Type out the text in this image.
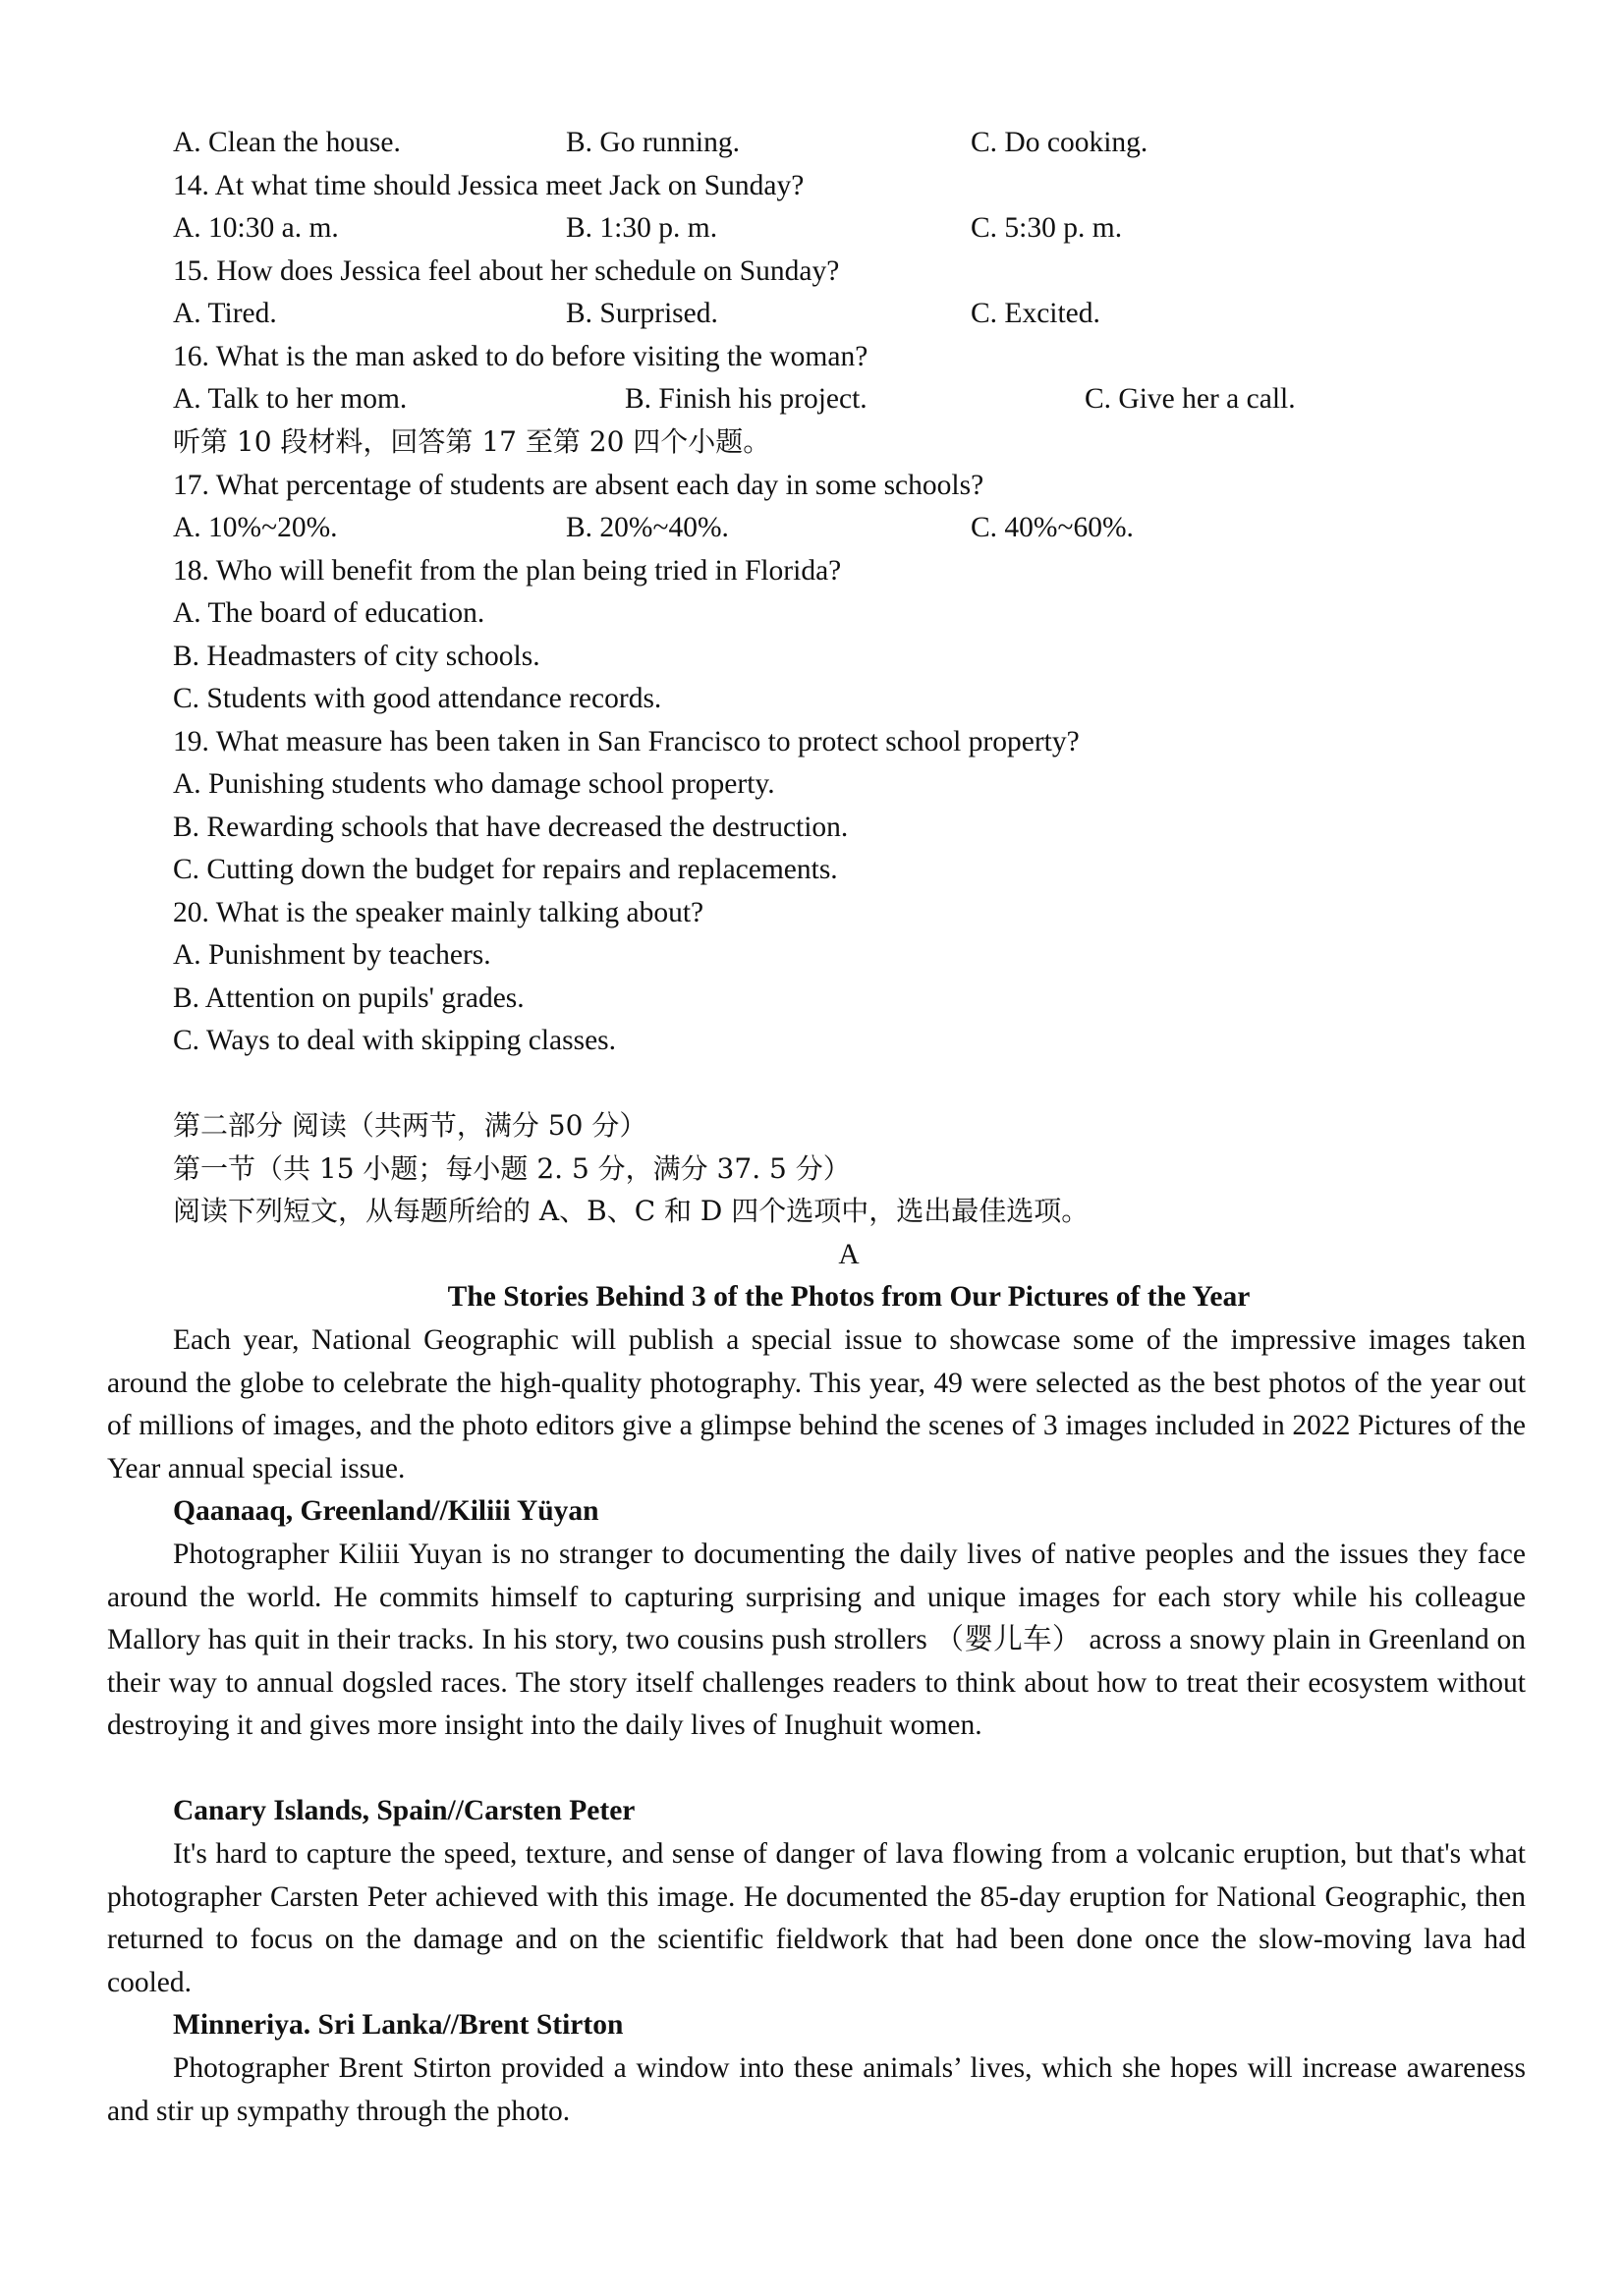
A. Clean the house.	B. Go running.	C. Do cooking.
14. At what time should Jessica meet Jack on Sunday?
A. 10:30 a. m.	B. 1:30 p. m.	C. 5:30 p. m.
15. How does Jessica feel about her schedule on Sunday?
A. Tired.	B. Surprised.	C. Excited.
16. What is the man asked to do before visiting the woman?
A. Talk to her mom.	B. Finish his project.	C. Give her a call.
听第 10 段材料，回答第 17 至第 20 四个小题。
17. What percentage of students are absent each day in some schools?
A. 10%~20%.	B. 20%~40%.	C. 40%~60%.
18. Who will benefit from the plan being tried in Florida?
A. The board of education.
B. Headmasters of city schools.
C. Students with good attendance records.
19. What measure has been taken in San Francisco to protect school property?
A. Punishing students who damage school property.
B. Rewarding schools that have decreased the destruction.
C. Cutting down the budget for repairs and replacements.
20. What is the speaker mainly talking about?
A. Punishment by teachers.
B. Attention on pupils' grades.
C. Ways to deal with skipping classes.
第二部分 阅读（共两节，满分 50 分）
第一节（共 15 小题；每小题 2. 5 分，满分 37. 5 分）
阅读下列短文，从每题所给的 A、B、C 和 D 四个选项中，选出最佳选项。
A
The Stories Behind 3 of the Photos from Our Pictures of the Year
Each year, National Geographic will publish a special issue to showcase some of the impressive images taken around the globe to celebrate the high-quality photography. This year, 49 were selected as the best photos of the year out of millions of images, and the photo editors give a glimpse behind the scenes of 3 images included in 2022 Pictures of the Year annual special issue.
Qaanaaq, Greenland//Kiliii Yüyan
Photographer Kiliii Yuyan is no stranger to documenting the daily lives of native peoples and the issues they face around the world. He commits himself to capturing surprising and unique images for each story while his colleague Mallory has quit in their tracks. In his story, two cousins push strollers （婴儿车） across a snowy plain in Greenland on their way to annual dogsled races. The story itself challenges readers to think about how to treat their ecosystem without destroying it and gives more insight into the daily lives of Inughuit women.
Canary Islands, Spain//Carsten Peter
It's hard to capture the speed, texture, and sense of danger of lava flowing from a volcanic eruption, but that's what photographer Carsten Peter achieved with this image. He documented the 85-day eruption for National Geographic, then returned to focus on the damage and on the scientific fieldwork that had been done once the slow-moving lava had cooled.
Minneriya. Sri Lanka//Brent Stirton
Photographer Brent Stirton provided a window into these animals’ lives, which she hopes will increase awareness and stir up sympathy through the photo.
